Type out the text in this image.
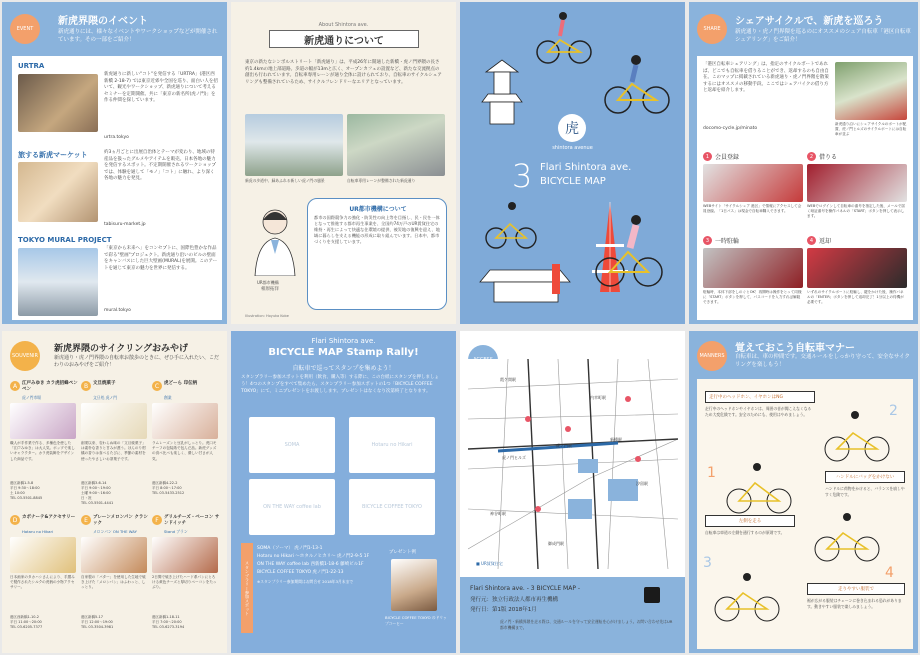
EVENT
新虎界隈のイベント
新虎通りには、様々なイベントやワークショップなどが開催されています。その一部をご紹介！
URTRA
新虎通りに新しい"コト"を発信する「URTRA」(港区西新橋 2-18-7) では東京近郊や全国を巡り、面白い人を招いて、観光やワークショップ、新虎通りについて考えるセミナーを定期開催。共に「東京の新名所(虎ノ門)」を作る仲間を探しています。
urtra.tokyo
旅する新虎マーケット	約3ヵ月ごとに出展自治体とテーマが変わり、地域の特産品を扱ったグルメやアイテムを販売。日本各地の魅力を発信するスポット。不定期開催されるワークショップでは、体験を通して「モノ」「コト」に触れ、より深く各地の魅力を発見。
tabisuru-market.jp
TOKYO MURAL PROJECT
「東京から未来へ」をコンセプトに、国際色豊かな作品で彩る"壁画"プロジェクト。新虎通り沿いのビルの壁面をキャンバスにした巨大壁画(MURAL)を展開。このアートを通じて東京の魅力を世界に発信する。
mural.tokyo
About Shintora ave.
新虎通りについて
東京の新たなシンボルストリート「新虎通り」は、平成26年に開通した新橋・虎ノ門界隈の長さ約1.4kmの地上部道路。歩道の幅が13mと広く、オープンカフェの設置など、新たな交流拠点の創出も行われています。自転車専用レーンが通り全体に設けられており、自転車のサイクルシェアリングも整備されているため、サイクルフレンドリーなエリアとなっています。
新虎の歩道中、緑あふれる新しい虎ノ門の風景	自転車専用レーンが整備された新虎通り
UR都市機構
相原拓洋
UR都市機構について
都市の国際競争力の強化・防災性の向上等を目指し、民・民を一体となって推進する都市再生事業を、全国約74万戸のUR賃貸住宅の維持・再生によって快適な住環境の提供、被災地の復興を迎え、地域に暮らしを支える機能の形成に取り組んでいます。日本中、都市づくりを支援しています。
Illustration: Hoyuka Kobe
虎
shintora avenue
3 Flari Shintora ave.
BICYCLE MAP
SHARE
シェアサイクルで、新虎を巡ろう
新虎通り・虎ノ門界隈を巡るのにオススメのシェア自転車「港区自転車シェアリング」をご紹介！
「港区自転車シェアリング」は、指定のサイクルポートであれば、どこでも自転車を借りることができ、返却するのも自由自在。このマップに掲載されている新虎通り・虎ノ門界隈を散策するにはオススメの移動手段。ここではシェアバイクの借り方と返却を紹介します。
docomo-cycle.jp/minato
新虎通り沿いにシェアサイクルのポートが配置、虎ノ門ヒルズのサイクルポートには自転車が並ぶ
1 会員登録
WEBサイト「サイクルシェア 港区」で情報にアクセスして会員登録。「1日パス」は現金で自転車購入できます。
2 借りる
WEBでログインして自転車の番号を指定した後、メールで届く暗証番号を操作パネルの「START」ボタンを押して表示します。
3 一時駐輪
駐輪時、本体下部をしのぐとOK！再開時は操作をとって同様に「START」ボタンを押して、パスコードを入力すれば解錠できます。
4 返却
いずれのサイクルポートに駐輪し、鍵をかけた後、操作パネルの「ENTER」ボタンを押して返却完了！1分以上の待機が必要です。
SOUVENIR
新虎界隈のサイクリングおみやげ
新虎通り・虎ノ門界隈の自転車お散歩のときに、ぜひ手に入れたい、こだわりのおみやげをご紹介！
A	江戸みゆき カラ虎招蜂ペンペン
虎ノ門市場
職人が手作業で作る、多種色を使した「江戸みゆき」は大人気。ポップで楽しいキャラクター。カラ虎装飾をデザインした商品です。
港区新橋1-5-8
平日 9:30〜18:00
土 10:00
TEL 03-5501-8845
B	文旦焼菓子
文旦処 虎ノ門
創業以来、変わらぬ味の「文旦焼菓子」は素朴な香りと甘みが漂う。ほんのり柑橘の香りは食べるたびに、季節の素材を使ったやさしいお茶菓子です。
港区新橋3-6-14
平日 9:00〜19:00
土曜 9:00〜16:00
日・祝
TEL 03-5501-4441
C	虎どーら 印伝柄
創業
ラムレーズンと豆乳がしっとり。虎口モチーフの包装紙で包んだ品。新虎グッズの食べ比べも楽しく、優しい甘さが人気。
港区新橋4-22-2
平日 8:00〜17:00
TEL 03-5433-2512
D	カポナーテ&アクセサリー
Hotaru no Hikari
日本画家のタカハシさんにより、手摺みで製作されたシルクの虎柄の小物アクセサリー。
港区西新橋1-10-2
平日 11:00〜20:00
TEL 03-6205-7377
E	ブレーンメロンパン クラシック
メロンパン ON THE WAY
自家製の「バター」を使用した生地で焼き上げた「メロンパン」はふわっと、しっとり。
港区新橋5-17
平日 12:00〜19:00
TEL 03-3504-3981
F	グリルチーズ・ベーコン サンドイッチ
Stand ブラン
2日間で焼き上げたハード系パンにとろける黄色チーズと厚切りベーコンをたっぷり。
港区新橋1-18-11
平日 7:00〜20:00
TEL 03-6273-3194
Flari Shintora ave.
BICYCLE MAP Stamp Rally!
自転車で巡ってスタンプを集めよう！
スタンプラリー参加スポットを利用（飲食、購入等）する際に、この台紙にスタンプを押しましょう！4つのスタンプをすべて集めたら、スタンプラリー参加スポットの1つ「BICYCLE COFFEE TOKYO」にて、ミニプレゼントをお渡しします。プレゼントはなくなり次第終了となります。
SOMA	Hotaru no Hikari
ON THE WAY coffee lab	BICYCLE COFFEE TOKYO
スタンプラリー参加スポット
SOMA（ソーマ） 虎ノ門1-13-1
Hotaru no Hikari ～ホタルノヒカリ～ 虎ノ門2-9-5 1F
ON THE WAY coffee lab 西新橋1-18-6 藤崎ビル1F
BICYCLE COFFEE TOKYO 虎ノ門1-22-13
※スタンプラリー参加期間はお問合せ 2018年3月末まで
プレゼント例
BICYCLE COFFEE TOKYO のドリップコーヒー
霞ケ関駅
虎ノ門駅
虎ノ門ヒルズ
新橋駅
御成門駅
内幸町駅
汐留駅
神谷町駅
■ UR賃貸住宅
Flari Shintora ave. - 3 BICYCLE MAP -
発行元：独立行政法人都市再生機構
発行日：第1版 2018年1月
虎ノ門・新橋界隈を走る際は、交通ルールを守って安全運転を心がけましょう。お問い合わせ先はUR都市機構まで。
MANNERS
覚えておこう自転車マナー
自転車は、車の仲間です。交通ルールをしっかり守って、安全なサイクリングを楽しもう！
走行中のヘッドホン、イヤホンはNG
走行中のヘッドホンやイヤホンは、周囲の音が聞こえなくなるため大変危険です。安全のためにも、使用はやめましょう。
1
2
ハンドルにバッグをかけない
ハンドルに荷物をかけると、バランスを崩しやすく危険です。
左側を走る
自転車は車道の左側を通行するのが原則です。
3
走りやすい服装で
裾が広がる服装はチェーンに巻き込まれる恐れがあります。動きやすい服装で楽しみましょう。
4
